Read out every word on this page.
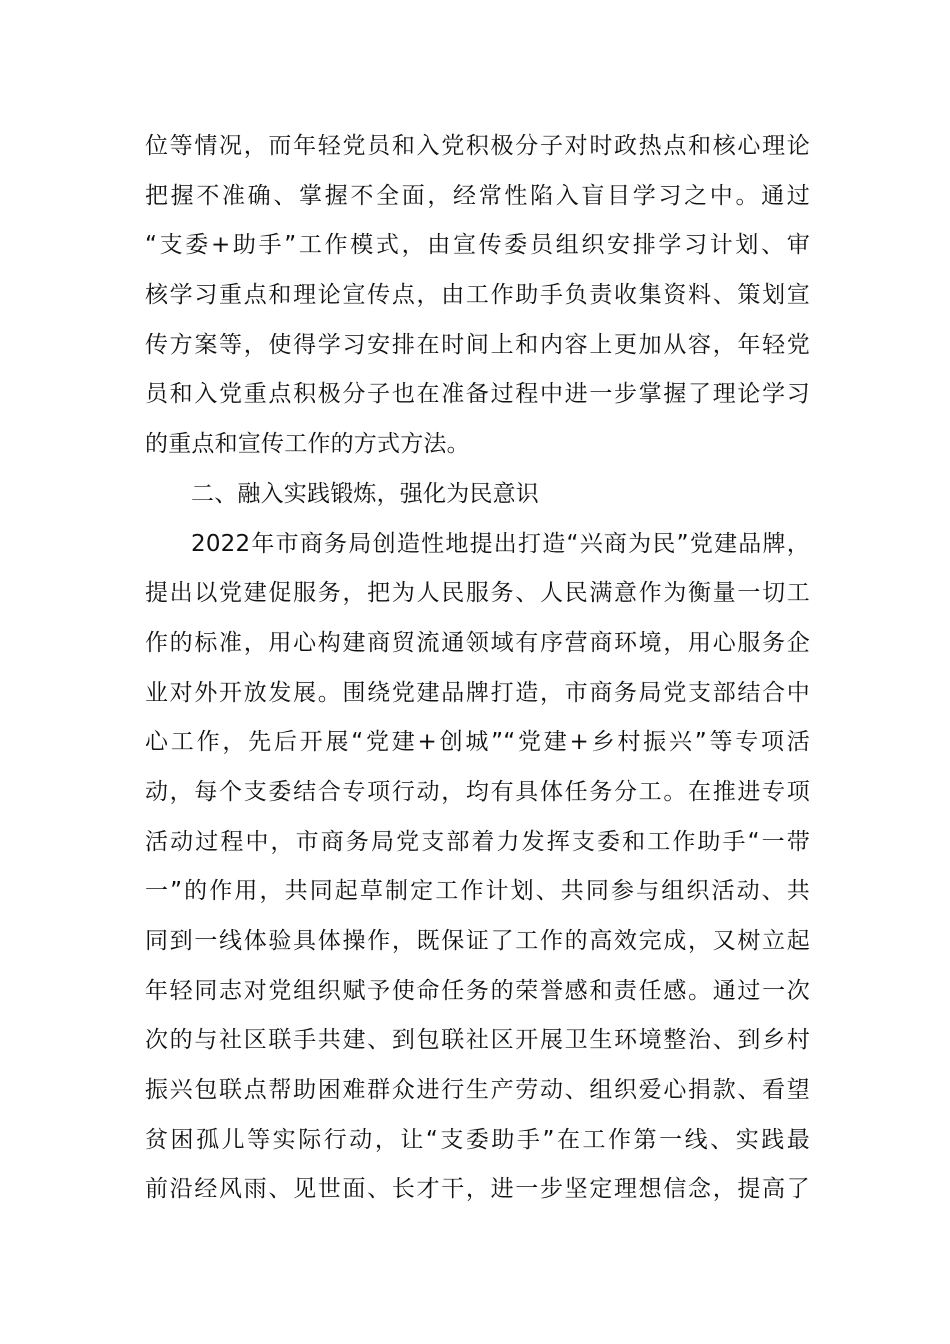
位等情况，而年轻党员和入党积极分子对时政热点和核心理论
把握不准确、掌握不全面，经常性陷入盲目学习之中。通过
“支委+助手”工作模式，由宣传委员组织安排学习计划、审
核学习重点和理论宣传点，由工作助手负责收集资料、策划宣
传方案等，使得学习安排在时间上和内容上更加从容，年轻党
员和入党重点积极分子也在准备过程中进一步掌握了理论学习
的重点和宣传工作的方式方法。
二、融入实践锻炼，强化为民意识
2022年市商务局创造性地提出打造“兴商为民”党建品牌，
提出以党建促服务，把为人民服务、人民满意作为衡量一切工
作的标准，用心构建商贸流通领域有序营商环境，用心服务企
业对外开放发展。围绕党建品牌打造，市商务局党支部结合中
心工作，先后开展“党建+创城”“党建+乡村振兴”等专项活
动，每个支委结合专项行动，均有具体任务分工。在推进专项
活动过程中，市商务局党支部着力发挥支委和工作助手“一带
一”的作用，共同起草制定工作计划、共同参与组织活动、共
同到一线体验具体操作，既保证了工作的高效完成，又树立起
年轻同志对党组织赋予使命任务的荣誉感和责任感。通过一次
次的与社区联手共建、到包联社区开展卫生环境整治、到乡村
振兴包联点帮助困难群众进行生产劳动、组织爱心捐款、看望
贫困孤儿等实际行动，让“支委助手”在工作第一线、实践最
前沿经风雨、见世面、长才干，进一步坚定理想信念，提高了
